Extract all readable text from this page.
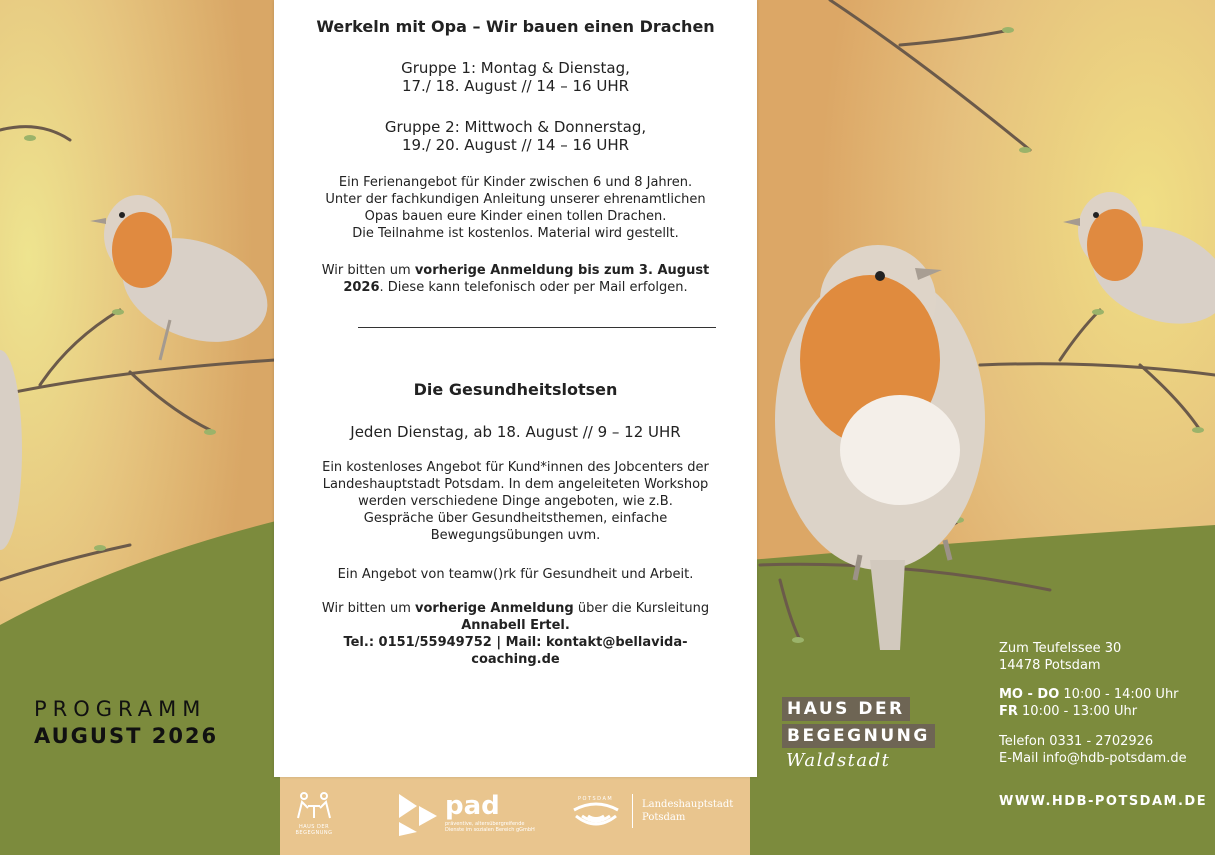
Werkeln mit Opa – Wir bauen einen Drachen
Gruppe 1: Montag & Dienstag,
17./ 18. August // 14 – 16 UHR
Gruppe 2: Mittwoch & Donnerstag,
19./ 20. August // 14 – 16 UHR
Ein Ferienangebot für Kinder zwischen 6 und 8 Jahren.
Unter der fachkundigen Anleitung unserer ehrenamtlichen
Opas bauen eure Kinder einen tollen Drachen.
Die Teilnahme ist kostenlos. Material wird gestellt.
Wir bitten um vorherige Anmeldung bis zum 3. August
2026. Diese kann telefonisch oder per Mail erfolgen.
Die Gesundheitslotsen
Jeden Dienstag, ab 18. August // 9 – 12 UHR
Ein kostenloses Angebot für Kund*innen des Jobcenters der
Landeshauptstadt Potsdam. In dem angeleiteten Workshop
werden verschiedene Dinge angeboten, wie z.B.
Gespräche über Gesundheitsthemen, einfache
Bewegungsübungen uvm.
Ein Angebot von teamw()rk für Gesundheit und Arbeit.
Wir bitten um vorherige Anmeldung über die Kursleitung
Annabell Ertel.
Tel.: 0151/55949752 | Mail: kontakt@bellavida-
coaching.de
PROGRAMM
AUGUST 2026
HAUS DER
BEGEGNUNG
Waldstadt
Zum Teufelssee 30
14478 Potsdam
MO - DO 10:00 - 14:00 Uhr
FR 10:00 - 13:00 Uhr
Telefon 0331 - 2702926
E-Mail info@hdb-potsdam.de
WWW.HDB-POTSDAM.DE
HAUS DER BEGEGNUNG
pad
präventive, altersübergreifende
Dienste im sozialen Bereich gGmbH
POTSDAM	Landeshauptstadt
Potsdam
